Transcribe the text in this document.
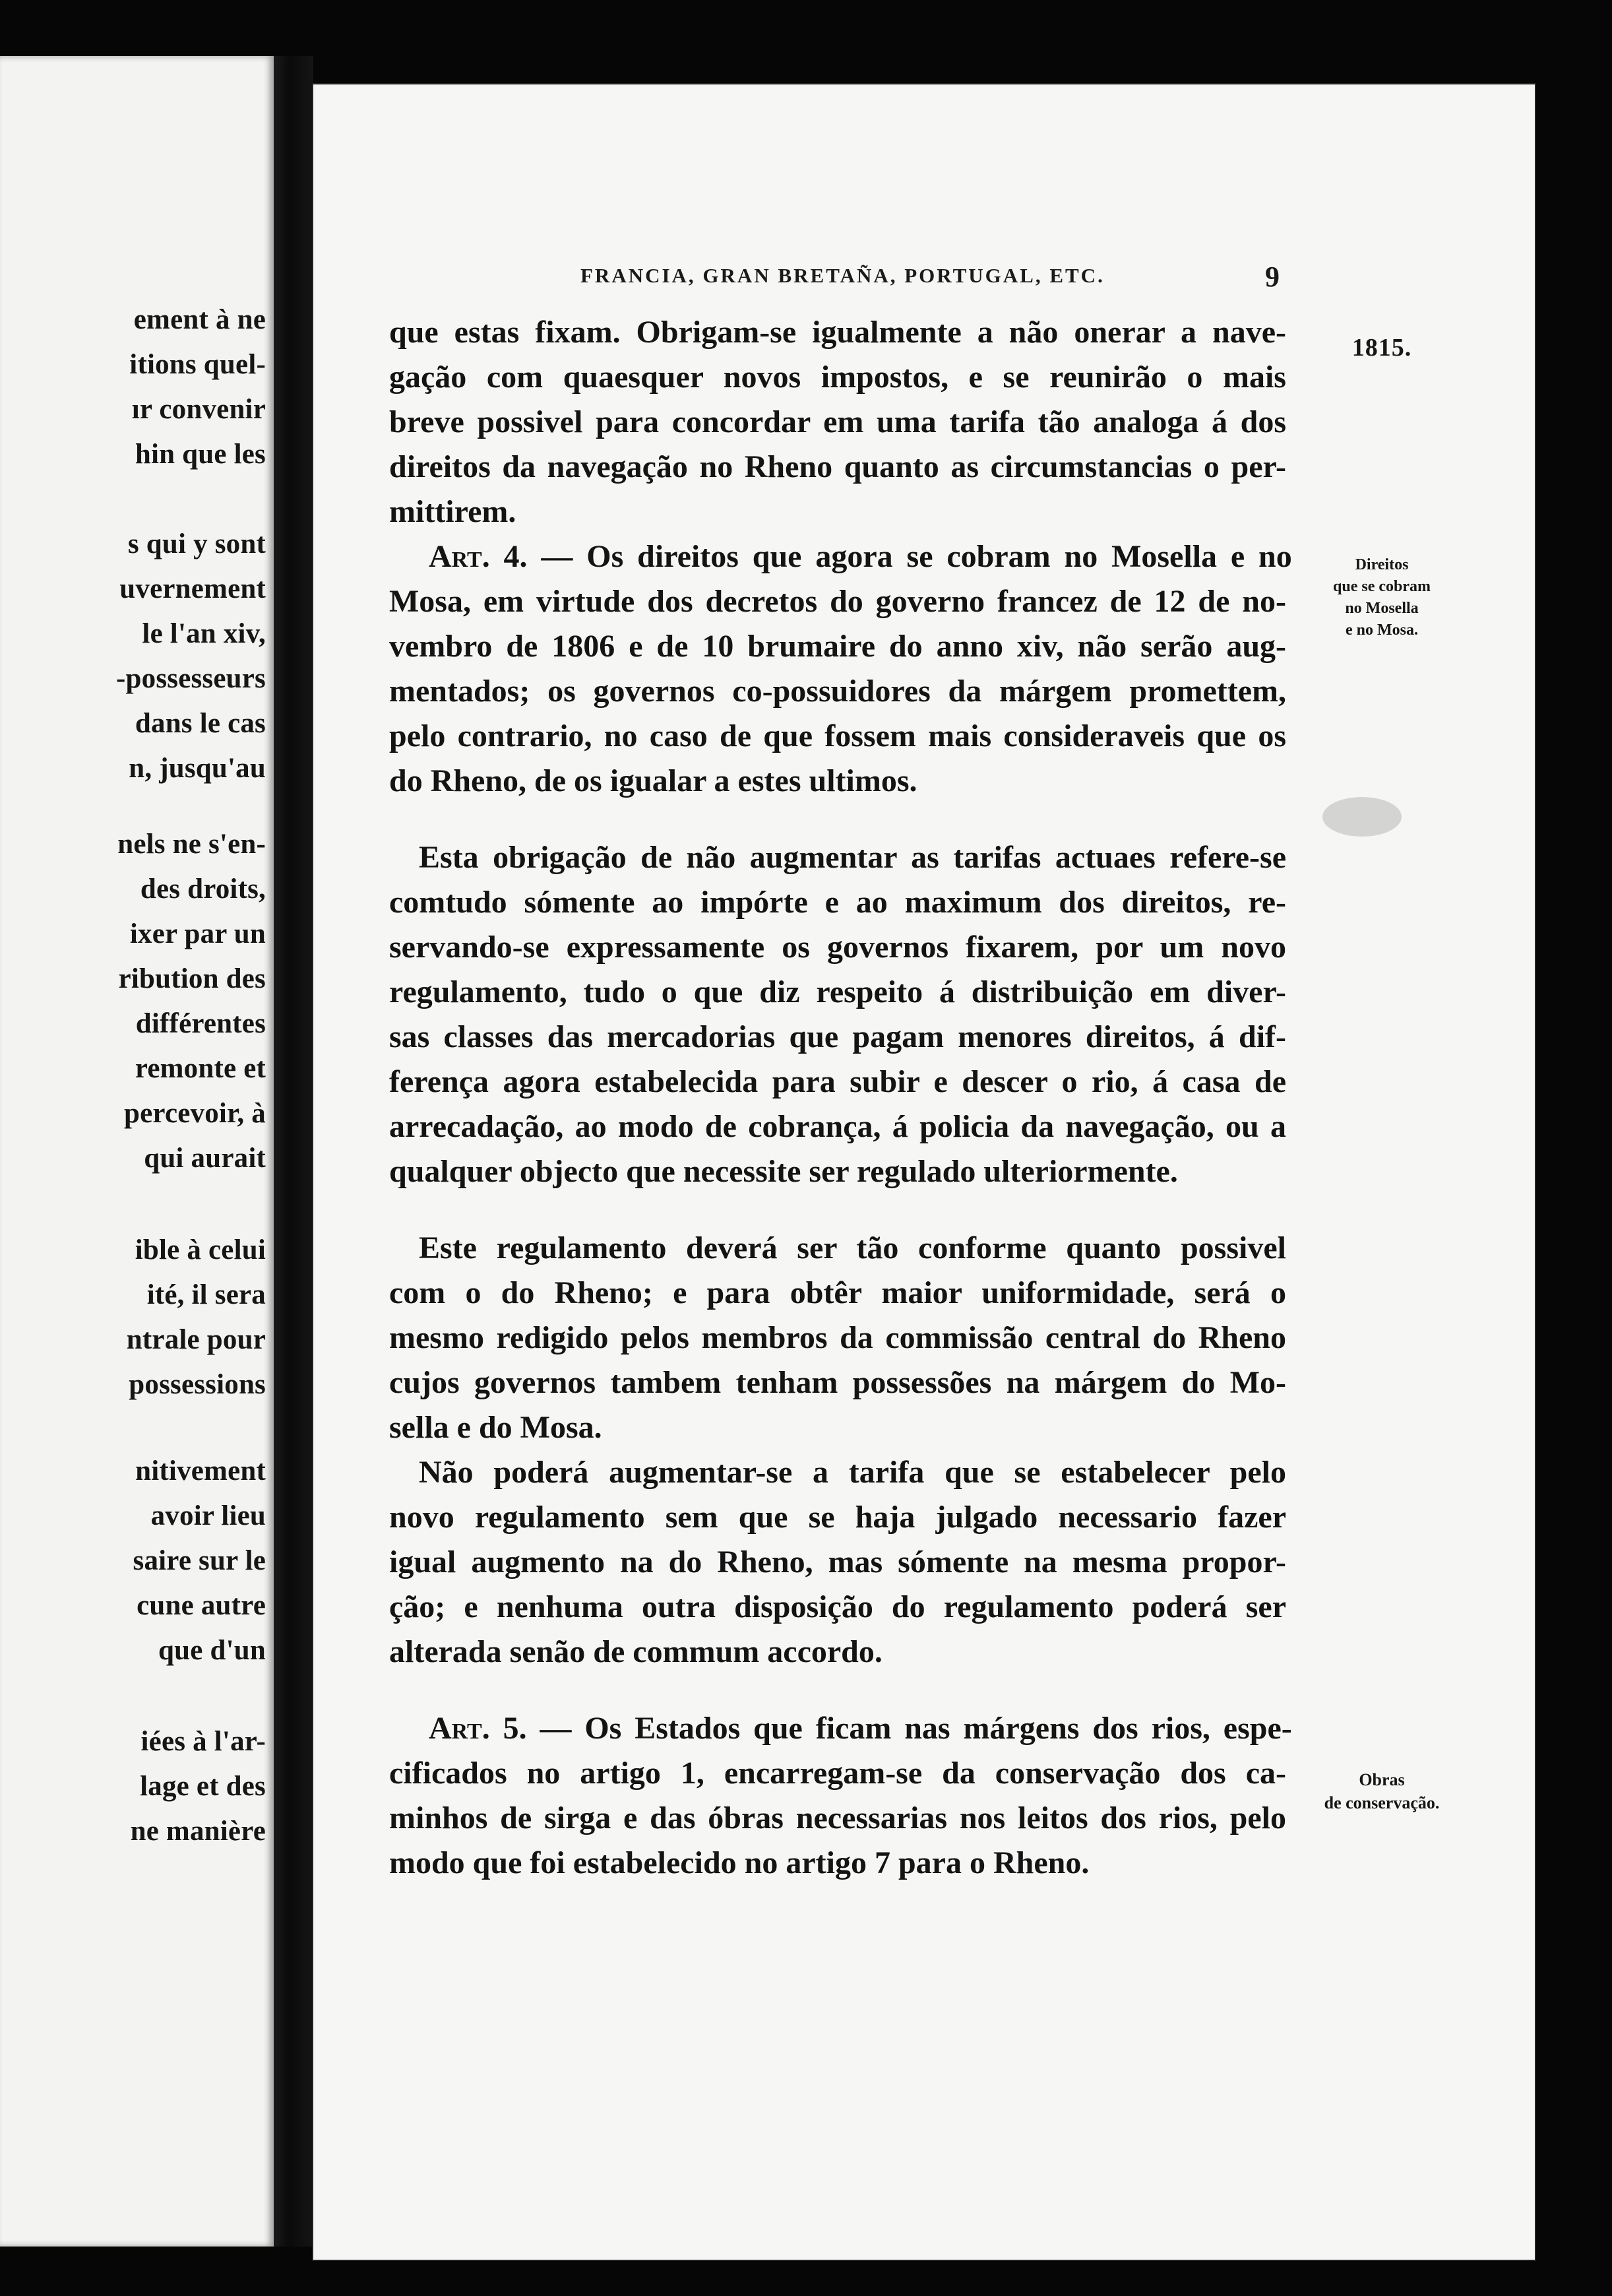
ement à ne
itions quel-
ır convenir
hin que les
s qui y sont
uvernement
le l'an xiv,
-possesseurs
dans le cas
n, jusqu'au
nels ne s'en-
des droits,
ixer par un
ribution des
différentes
remonte et
percevoir, à
qui aurait
ible à celui
ité, il sera
ntrale pour
possessions
nitivement
avoir lieu
saire sur le
cune autre
que d'un
iées à l'ar-
lage et des
ne manière
FRANCIA, GRAN BRETAÑA, PORTUGAL, ETC.	9
1815.
Direitos
que se cobram
no Mosella
e no Mosa.
Obras
de conservação.
que estas fixam. Obrigam-se igualmente a não onerar a nave-
gação com quaesquer novos impostos, e se reunirão o mais
breve possivel para concordar em uma tarifa tão analoga á dos
direitos da navegação no Rheno quanto as circumstancias o per-
mittirem.
Art. 4. — Os direitos que agora se cobram no Mosella e no
Mosa, em virtude dos decretos do governo francez de 12 de no-
vembro de 1806 e de 10 brumaire do anno xiv, não serão aug-
mentados; os governos co-possuidores da márgem promettem,
pelo contrario, no caso de que fossem mais consideraveis que os
do Rheno, de os igualar a estes ultimos.
Esta obrigação de não augmentar as tarifas actuaes refere-se
comtudo sómente ao impórte e ao maximum dos direitos, re-
servando-se expressamente os governos fixarem, por um novo
regulamento, tudo o que diz respeito á distribuição em diver-
sas classes das mercadorias que pagam menores direitos, á dif-
ferença agora estabelecida para subir e descer o rio, á casa de
arrecadação, ao modo de cobrança, á policia da navegação, ou a
qualquer objecto que necessite ser regulado ulteriormente.
Este regulamento deverá ser tão conforme quanto possivel
com o do Rheno; e para obtêr maior uniformidade, será o
mesmo redigido pelos membros da commissão central do Rheno
cujos governos tambem tenham possessões na márgem do Mo-
sella e do Mosa.
Não poderá augmentar-se a tarifa que se estabelecer pelo
novo regulamento sem que se haja julgado necessario fazer
igual augmento na do Rheno, mas sómente na mesma propor-
ção; e nenhuma outra disposição do regulamento poderá ser
alterada senão de commum accordo.
Art. 5. — Os Estados que ficam nas márgens dos rios, espe-
cificados no artigo 1, encarregam-se da conservação dos ca-
minhos de sirga e das óbras necessarias nos leitos dos rios, pelo
modo que foi estabelecido no artigo 7 para o Rheno.
